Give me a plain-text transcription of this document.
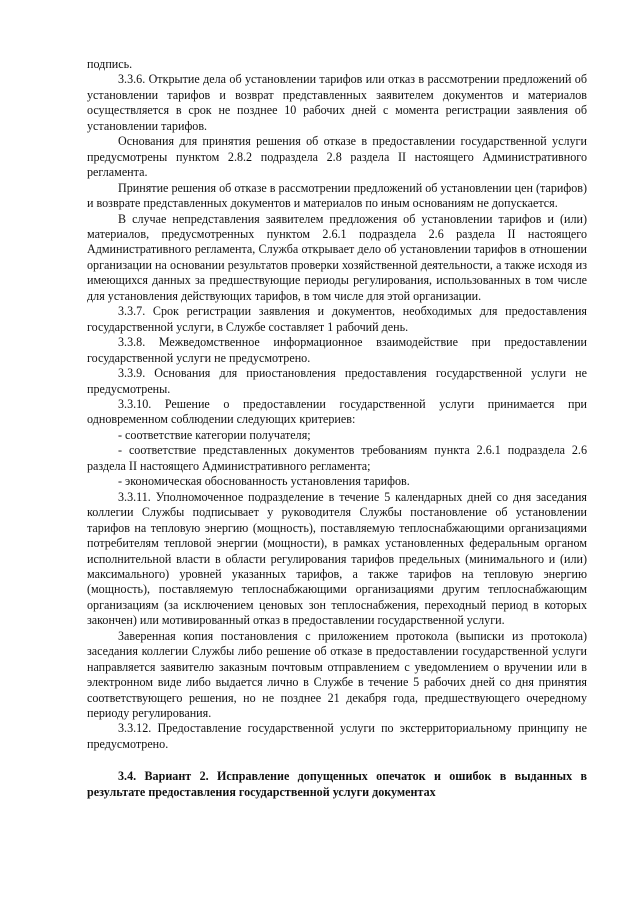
подпись.

3.3.6. Открытие дела об установлении тарифов или отказ в рассмотрении предложений об установлении тарифов и возврат представленных заявителем документов и материалов осуществляется в срок не позднее 10 рабочих дней с момента регистрации заявления об установлении тарифов.

Основания для принятия решения об отказе в предоставлении государственной услуги предусмотрены пунктом 2.8.2 подраздела 2.8 раздела II настоящего Административного регламента.

Принятие решения об отказе в рассмотрении предложений об установлении цен (тарифов) и возврате представленных документов и материалов по иным основаниям не допускается.

В случае непредставления заявителем предложения об установлении тарифов и (или) материалов, предусмотренных пунктом 2.6.1 подраздела 2.6 раздела II настоящего Административного регламента, Служба открывает дело об установлении тарифов в отношении организации на основании результатов проверки хозяйственной деятельности, а также исходя из имеющихся данных за предшествующие периоды регулирования, использованных в том числе для установления действующих тарифов, в том числе для этой организации.

3.3.7. Срок регистрации заявления и документов, необходимых для предоставления государственной услуги, в Службе составляет 1 рабочий день.

3.3.8. Межведомственное информационное взаимодействие при предоставлении государственной услуги не предусмотрено.

3.3.9. Основания для приостановления предоставления государственной услуги не предусмотрены.

3.3.10. Решение о предоставлении государственной услуги принимается при одновременном соблюдении следующих критериев:

- соответствие категории получателя;

- соответствие представленных документов требованиям пункта 2.6.1 подраздела 2.6 раздела II настоящего Административного регламента;

- экономическая обоснованность установления тарифов.

3.3.11. Уполномоченное подразделение в течение 5 календарных дней со дня заседания коллегии Службы подписывает у руководителя Службы постановление об установлении тарифов на тепловую энергию (мощность), поставляемую теплоснабжающими организациями потребителям тепловой энергии (мощности), в рамках установленных федеральным органом исполнительной власти в области регулирования тарифов предельных (минимального и (или) максимального) уровней указанных тарифов, а также тарифов на тепловую энергию (мощность), поставляемую теплоснабжающими организациями другим теплоснабжающим организациям (за исключением ценовых зон теплоснабжения, переходный период в которых закончен) или мотивированный отказ в предоставлении государственной услуги.

Заверенная копия постановления с приложением протокола (выписки из протокола) заседания коллегии Службы либо решение об отказе в предоставлении государственной услуги направляется заявителю заказным почтовым отправлением с уведомлением о вручении или в электронном виде либо выдается лично в Службе в течение 5 рабочих дней со дня принятия соответствующего решения, но не позднее 21 декабря года, предшествующего очередному периоду регулирования.

3.3.12. Предоставление государственной услуги по экстерриториальному принципу не предусмотрено.

3.4. Вариант 2. Исправление допущенных опечаток и ошибок в выданных в результате предоставления государственной услуги документах
